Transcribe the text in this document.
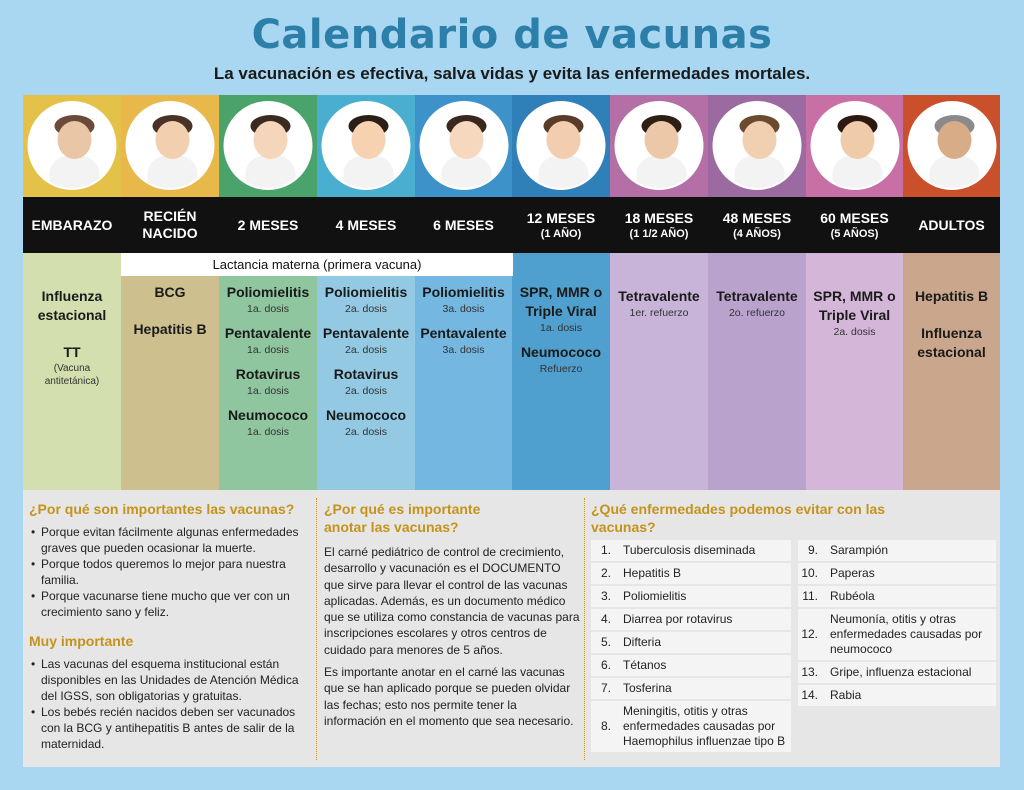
Calendario de vacunas
La vacunación es efectiva, salva vidas y evita las enfermedades mortales.
EMBARAZO
Influenza estacional
TT
(Vacuna antitetánica)
RECIÉN NACIDO
BCG
Hepatitis B
2 MESES
Poliomielitis
1a. dosis
Pentavalente
1a. dosis
Rotavirus
1a. dosis
Neumococo
1a. dosis
4 MESES
Poliomielitis
2a. dosis
Pentavalente
2a. dosis
Rotavirus
2a. dosis
Neumococo
2a. dosis
6 MESES
Poliomielitis
3a. dosis
Pentavalente
3a. dosis
12 MESES
(1 AÑO)
SPR, MMR o Triple Viral
1a. dosis
Neumococo
Refuerzo
18 MESES
(1 1/2 AÑO)
Tetravalente
1er. refuerzo
48 MESES
(4 AÑOS)
Tetravalente
2o. refuerzo
60 MESES
(5 AÑOS)
SPR, MMR o Triple Viral
2a. dosis
ADULTOS
Hepatitis B
Influenza estacional
Lactancia materna (primera vacuna)
¿Por qué son importantes las vacunas?
• Porque evitan fácilmente algunas enfermedades graves que pueden ocasionar la muerte.
• Porque todos queremos lo mejor para nuestra familia.
• Porque vacunarse tiene mucho que ver con un crecimiento sano y feliz.
Muy importante
• Las vacunas del esquema institucional están disponibles en las Unidades de Atención Médica del IGSS, son obligatorias y gratuitas.
• Los bebés recién nacidos deben ser vacunados con la BCG y antihepatitis B antes de salir de la maternidad.
¿Por qué es importante anotar las vacunas?
El carné pediátrico de control de crecimiento, desarrollo y vacunación es el DOCUMENTO que sirve para llevar el control de las vacunas aplicadas. Además, es un documento médico que se utiliza como constancia de vacunas para inscripciones escolares y otros centros de cuidado para menores de 5 años.
Es importante anotar en el carné las vacunas que se han aplicado porque se pueden olvidar las fechas; esto nos permite tener la información en el momento que sea necesario.
¿Qué enfermedades podemos evitar con las vacunas?
1.	Tuberculosis diseminada
2.	Hepatitis B
3.	Poliomielitis
4.	Diarrea por rotavirus
5.	Difteria
6.	Tétanos
7.	Tosferina
8.
Meningitis, otitis y otras enfermedades causadas por Haemophilus influenzae tipo B
9.	Sarampión
10.	Paperas
11.	Rubéola
12.
Neumonía, otitis y otras enfermedades causadas por neumococo
13.	Gripe, influenza estacional
14.	Rabia
